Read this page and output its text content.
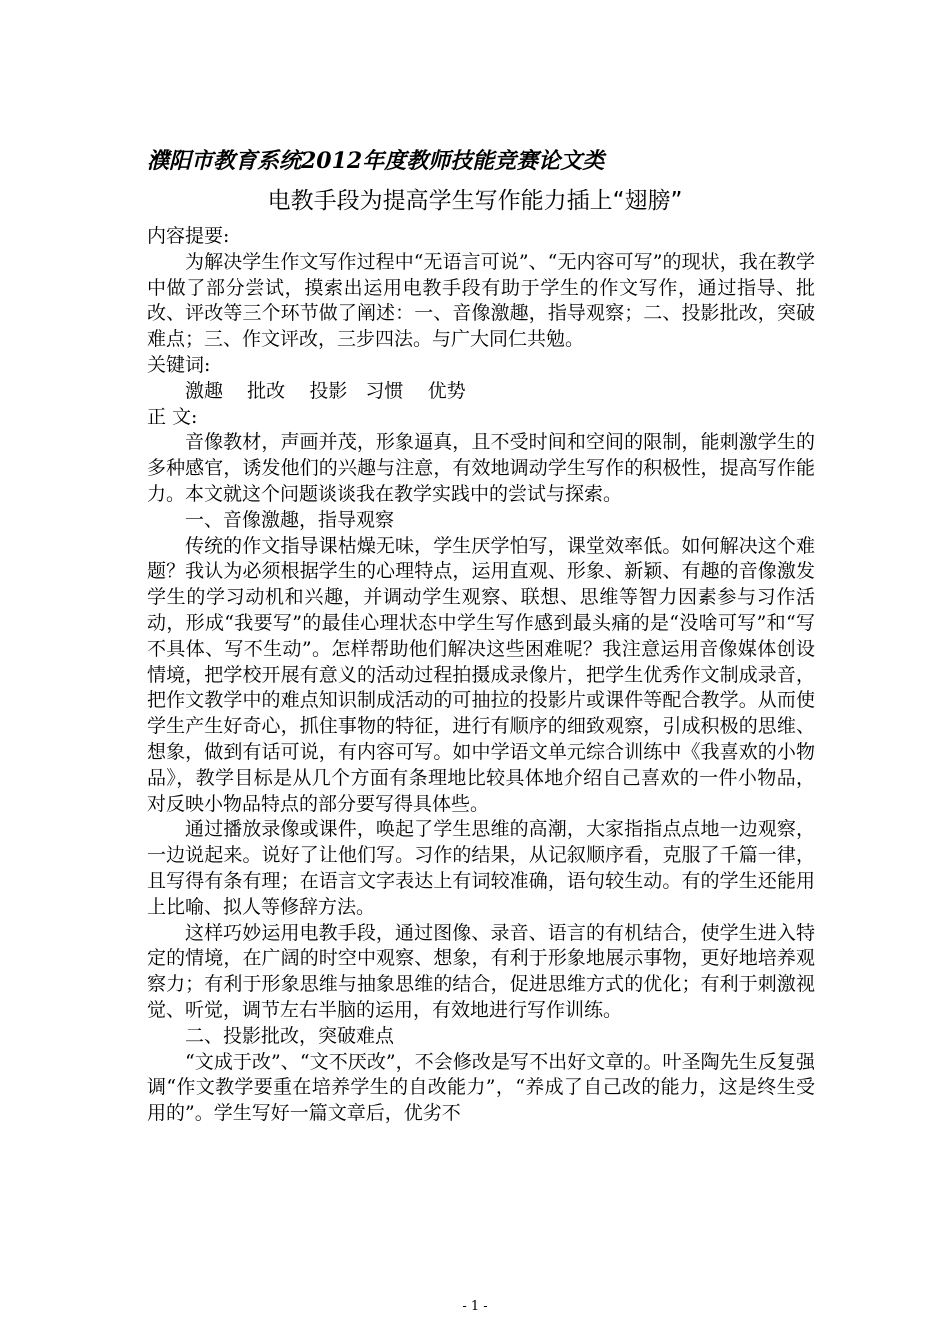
濮阳市教育系统2012年度教师技能竞赛论文类
电教手段为提高学生写作能力插上“翅膀”

内容提要:

为解决学生作文写作过程中“无语言可说”、“无内容可写”的现状，我在教学中做了部分尝试，摸索出运用电教手段有助于学生的作文写作，通过指导、批改、评改等三个环节做了阐述：一、音像激趣，指导观察；二、投影批改，突破难点；三、作文评改，三步四法。与广大同仁共勉。

关键词:

激趣    批改    投影   习惯    优势

正 文:

音像教材，声画并茂，形象逼真，且不受时间和空间的限制，能刺激学生的多种感官，诱发他们的兴趣与注意，有效地调动学生写作的积极性，提高写作能力。本文就这个问题谈谈我在教学实践中的尝试与探索。

一、音像激趣，指导观察

传统的作文指导课枯燥无味，学生厌学怕写，课堂效率低。如何解决这个难题？我认为必须根据学生的心理特点，运用直观、形象、新颖、有趣的音像激发学生的学习动机和兴趣，并调动学生观察、联想、思维等智力因素参与习作活动，形成“我要写”的最佳心理状态中学生写作感到最头痛的是“没啥可写”和“写不具体、写不生动”。怎样帮助他们解决这些困难呢？我注意运用音像媒体创设情境，把学校开展有意义的活动过程拍摄成录像片，把学生优秀作文制成录音，把作文教学中的难点知识制成活动的可抽拉的投影片或课件等配合教学。从而使学生产生好奇心，抓住事物的特征，进行有顺序的细致观察，引成积极的思维、想象，做到有话可说，有内容可写。如中学语文单元综合训练中《我喜欢的小物品》，教学目标是从几个方面有条理地比较具体地介绍自己喜欢的一件小物品，对反映小物品特点的部分要写得具体些。

通过播放录像或课件，唤起了学生思维的高潮，大家指指点点地一边观察，一边说起来。说好了让他们写。习作的结果，从记叙顺序看，克服了千篇一律，且写得有条有理；在语言文字表达上有词较准确，语句较生动。有的学生还能用上比喻、拟人等修辞方法。

这样巧妙运用电教手段，通过图像、录音、语言的有机结合，使学生进入特定的情境，在广阔的时空中观察、想象，有利于形象地展示事物，更好地培养观察力；有利于形象思维与抽象思维的结合，促进思维方式的优化；有利于刺激视觉、听觉，调节左右半脑的运用，有效地进行写作训练。

二、投影批改，突破难点

“文成于改”、“文不厌改”，不会修改是写不出好文章的。叶圣陶先生反复强调“作文教学要重在培养学生的自改能力”，“养成了自己改的能力，这是终生受用的”。学生写好一篇文章后，优劣不

- 1 -
